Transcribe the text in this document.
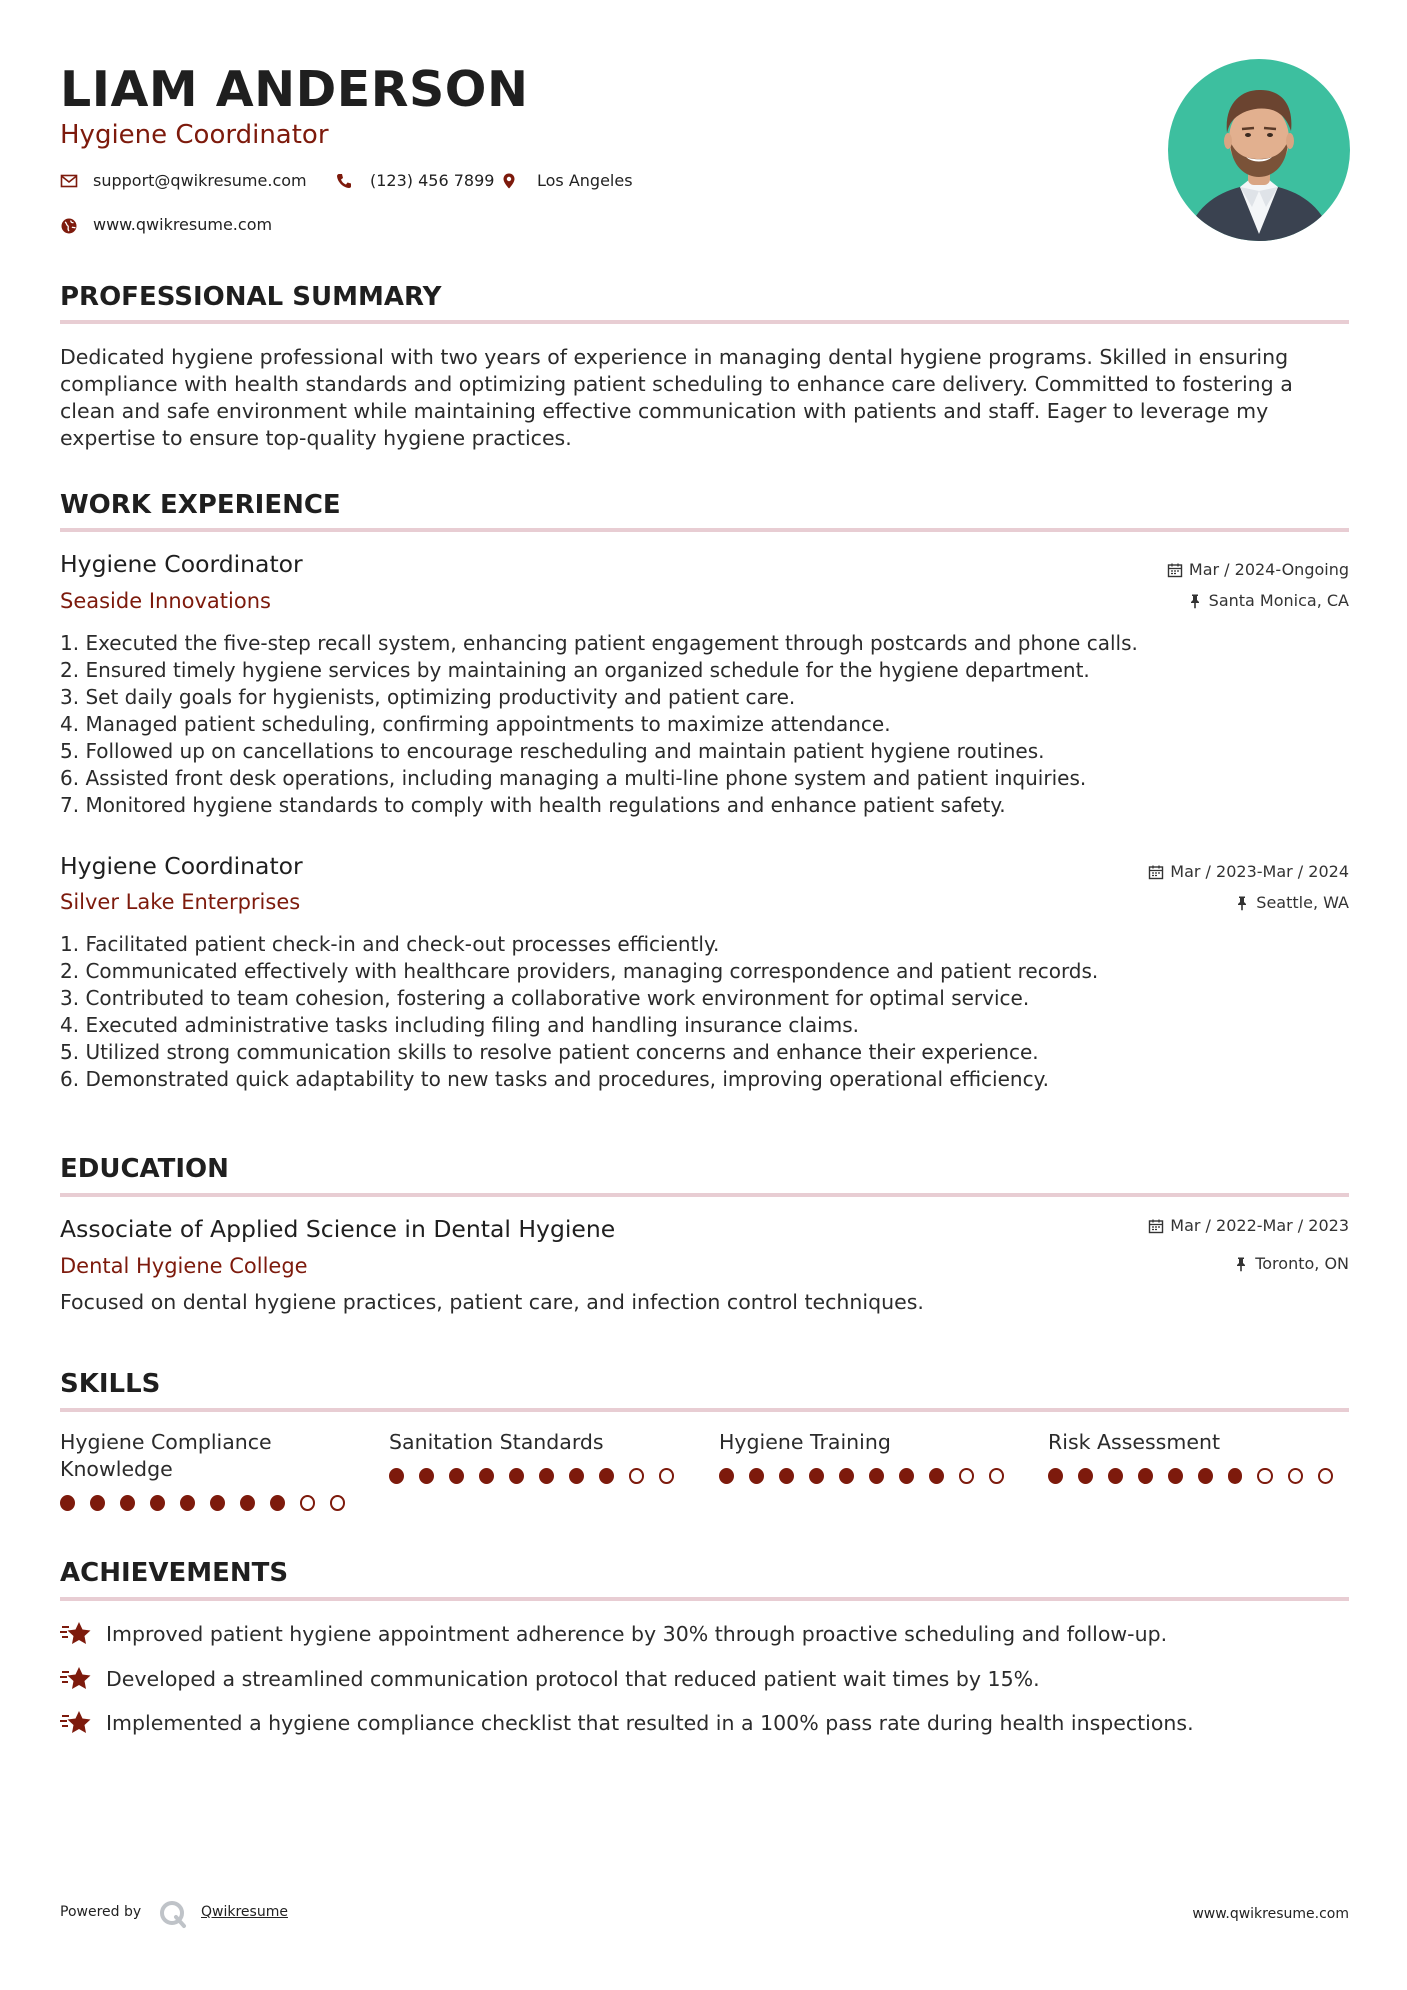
LIAM ANDERSON
Hygiene Coordinator
support@qwikresume.com	(123) 456 7899	Los Angeles
www.qwikresume.com
PROFESSIONAL SUMMARY
Dedicated hygiene professional with two years of experience in managing dental hygiene programs. Skilled in ensuring
compliance with health standards and optimizing patient scheduling to enhance care delivery. Committed to fostering a
clean and safe environment while maintaining effective communication with patients and staff. Eager to leverage my
expertise to ensure top-quality hygiene practices.
WORK EXPERIENCE
Hygiene Coordinator
Seaside Innovations
Mar / 2024-Ongoing
Santa Monica, CA
1. Executed the five-step recall system, enhancing patient engagement through postcards and phone calls.
2. Ensured timely hygiene services by maintaining an organized schedule for the hygiene department.
3. Set daily goals for hygienists, optimizing productivity and patient care.
4. Managed patient scheduling, confirming appointments to maximize attendance.
5. Followed up on cancellations to encourage rescheduling and maintain patient hygiene routines.
6. Assisted front desk operations, including managing a multi-line phone system and patient inquiries.
7. Monitored hygiene standards to comply with health regulations and enhance patient safety.
Hygiene Coordinator
Silver Lake Enterprises
Mar / 2023-Mar / 2024
Seattle, WA
1. Facilitated patient check-in and check-out processes efficiently.
2. Communicated effectively with healthcare providers, managing correspondence and patient records.
3. Contributed to team cohesion, fostering a collaborative work environment for optimal service.
4. Executed administrative tasks including filing and handling insurance claims.
5. Utilized strong communication skills to resolve patient concerns and enhance their experience.
6. Demonstrated quick adaptability to new tasks and procedures, improving operational efficiency.
EDUCATION
Associate of Applied Science in Dental Hygiene
Dental Hygiene College
Mar / 2022-Mar / 2023
Toronto, ON
Focused on dental hygiene practices, patient care, and infection control techniques.
SKILLS
Hygiene Compliance
Knowledge
Sanitation Standards	Hygiene Training	Risk Assessment
ACHIEVEMENTS
Improved patient hygiene appointment adherence by 30% through proactive scheduling and follow-up.
Developed a streamlined communication protocol that reduced patient wait times by 15%.
Implemented a hygiene compliance checklist that resulted in a 100% pass rate during health inspections.
Powered by	Qwikresume	www.qwikresume.com
